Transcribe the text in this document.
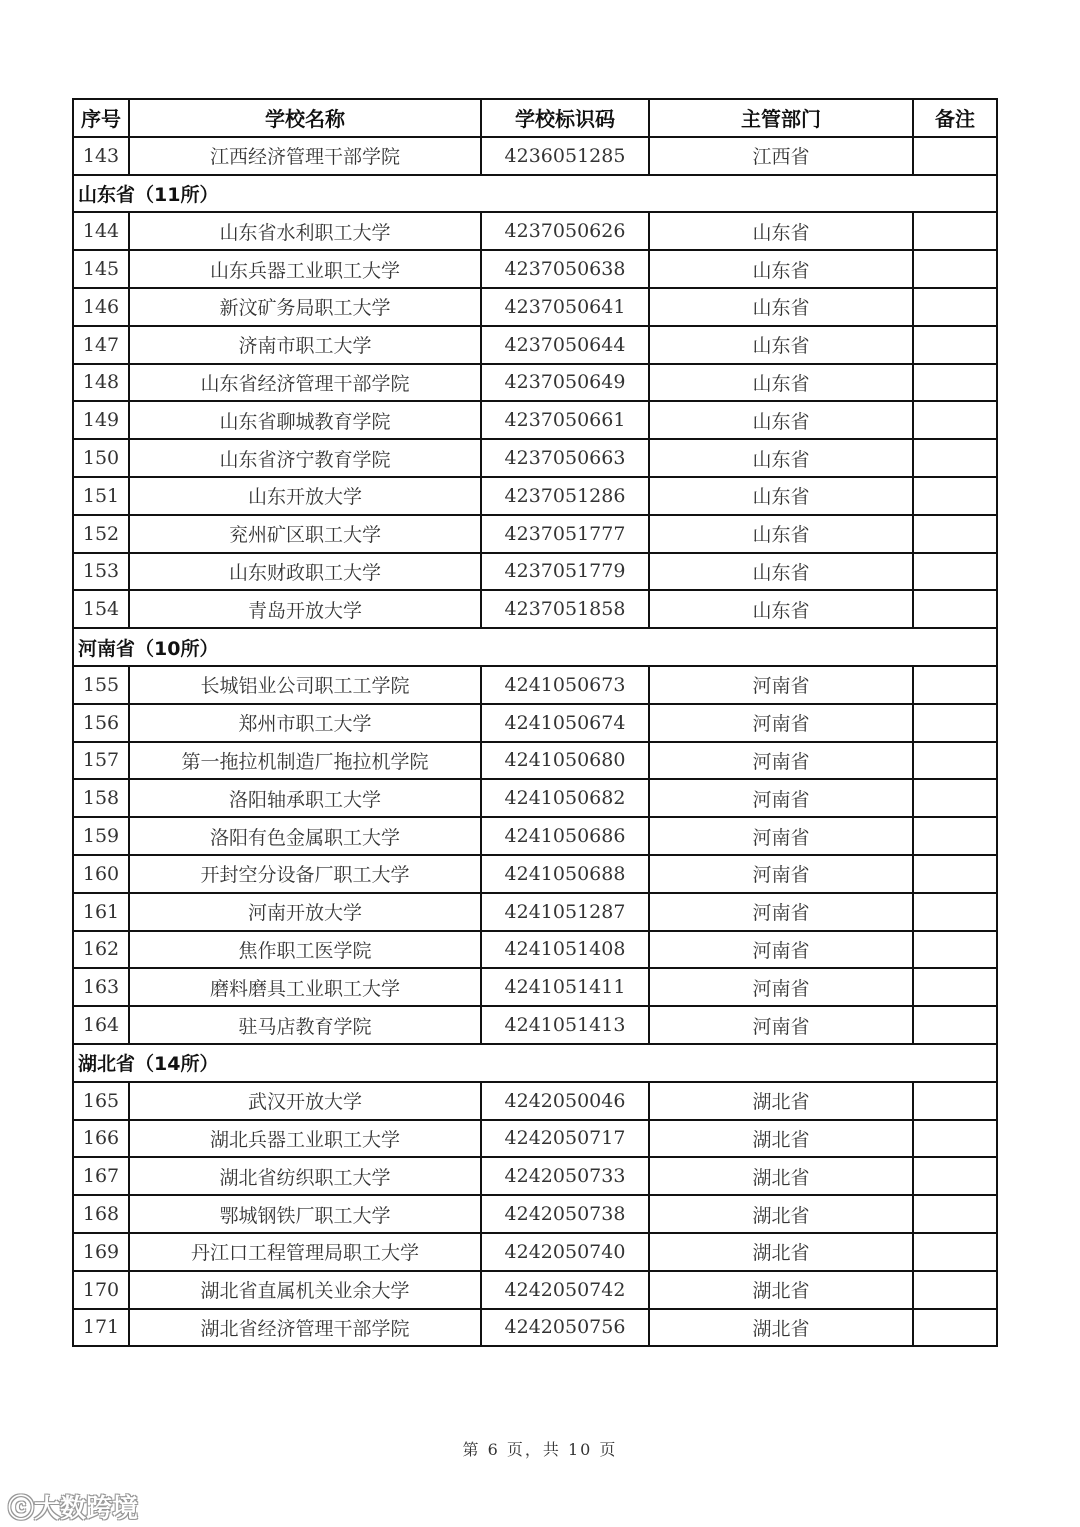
序号	学校名称	学校标识码	主管部门	备注
143	江西经济管理干部学院	4236051285	江西省	
山东省（11所）				
144	山东省水利职工大学	4237050626	山东省	
145	山东兵器工业职工大学	4237050638	山东省	
146	新汶矿务局职工大学	4237050641	山东省	
147	济南市职工大学	4237050644	山东省	
148	山东省经济管理干部学院	4237050649	山东省	
149	山东省聊城教育学院	4237050661	山东省	
150	山东省济宁教育学院	4237050663	山东省	
151	山东开放大学	4237051286	山东省	
152	兖州矿区职工大学	4237051777	山东省	
153	山东财政职工大学	4237051779	山东省	
154	青岛开放大学	4237051858	山东省	
河南省（10所）				
155	长城铝业公司职工工学院	4241050673	河南省	
156	郑州市职工大学	4241050674	河南省	
157	第一拖拉机制造厂拖拉机学院	4241050680	河南省	
158	洛阳轴承职工大学	4241050682	河南省	
159	洛阳有色金属职工大学	4241050686	河南省	
160	开封空分设备厂职工大学	4241050688	河南省	
161	河南开放大学	4241051287	河南省	
162	焦作职工医学院	4241051408	河南省	
163	磨料磨具工业职工大学	4241051411	河南省	
164	驻马店教育学院	4241051413	河南省	
湖北省（14所）				
165	武汉开放大学	4242050046	湖北省	
166	湖北兵器工业职工大学	4242050717	湖北省	
167	湖北省纺织职工大学	4242050733	湖北省	
168	鄂城钢铁厂职工大学	4242050738	湖北省	
169	丹江口工程管理局职工大学	4242050740	湖北省	
170	湖北省直属机关业余大学	4242050742	湖北省	
171	湖北省经济管理干部学院	4242050756	湖北省	
第 6 页，共 10 页
ⓒ大数跨境
